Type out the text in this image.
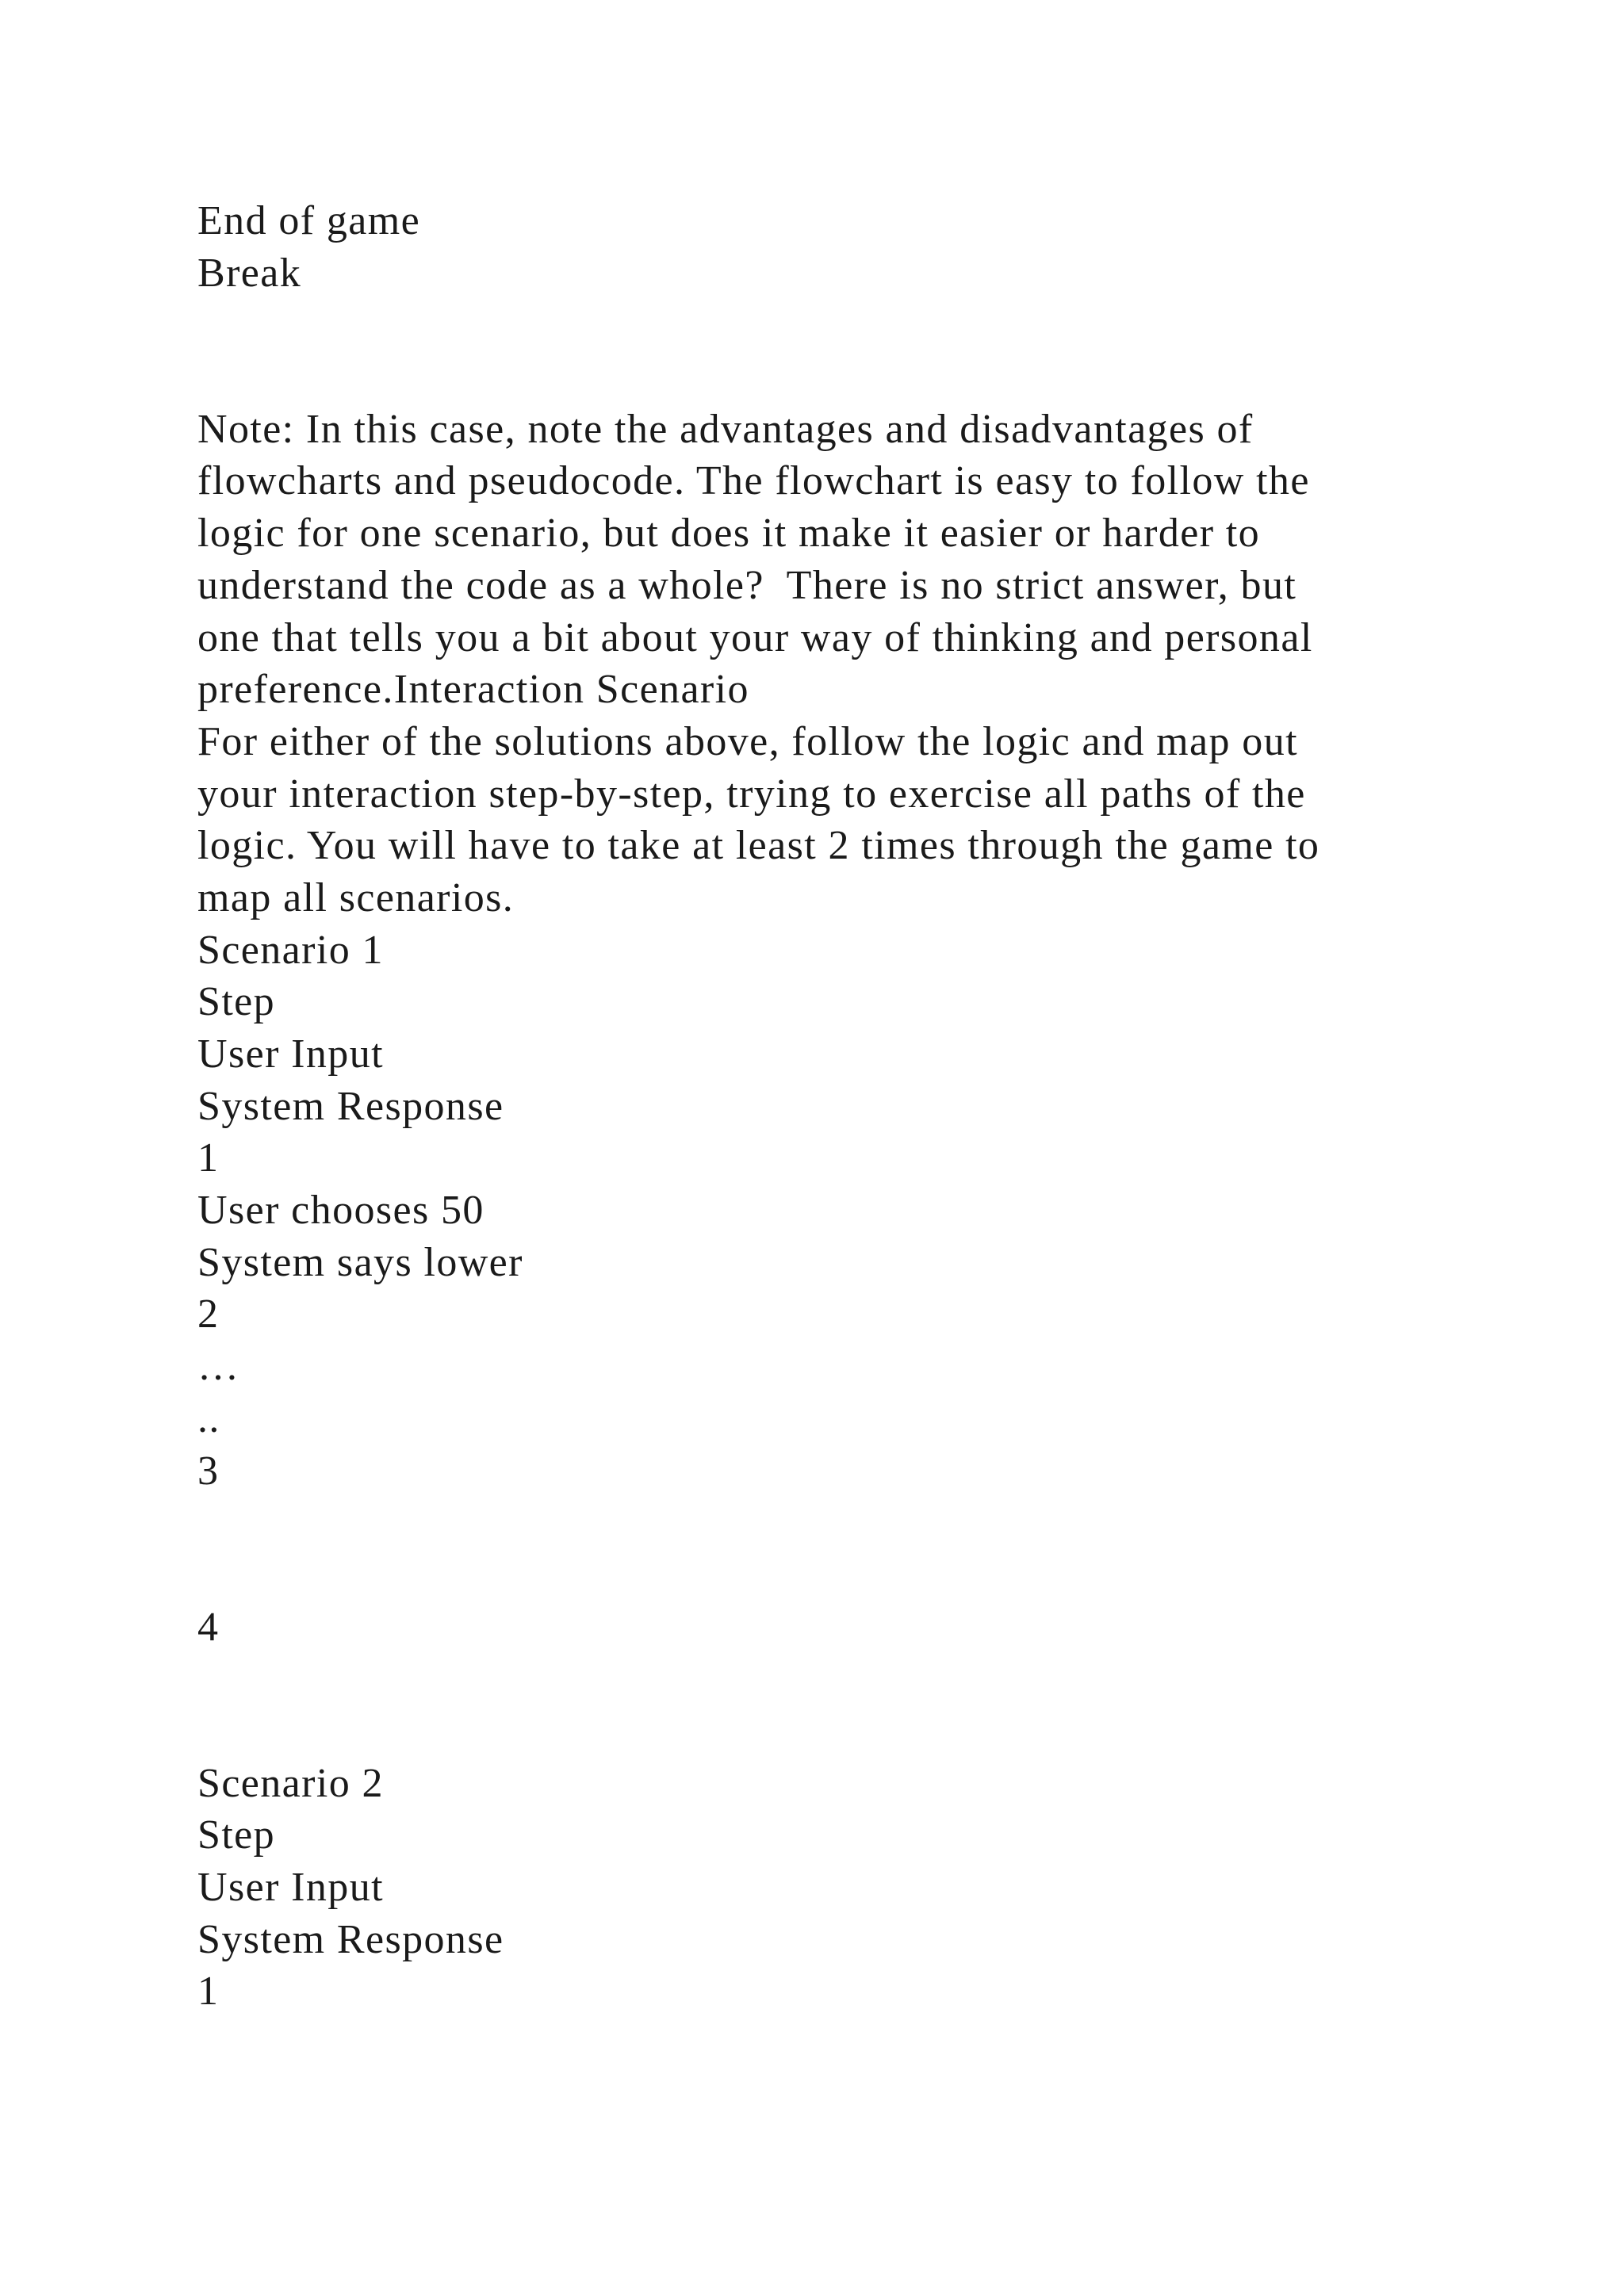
End of game
Break
Note: In this case, note the advantages and disadvantages of
flowcharts and pseudocode. The flowchart is easy to follow the
logic for one scenario, but does it make it easier or harder to
understand the code as a whole?  There is no strict answer, but
one that tells you a bit about your way of thinking and personal
preference.Interaction Scenario
For either of the solutions above, follow the logic and map out
your interaction step-by-step, trying to exercise all paths of the
logic. You will have to take at least 2 times through the game to
map all scenarios.
Scenario 1
Step
User Input
System Response
1
User chooses 50
System says lower
2
…
..
3
4
Scenario 2
Step
User Input
System Response
1
